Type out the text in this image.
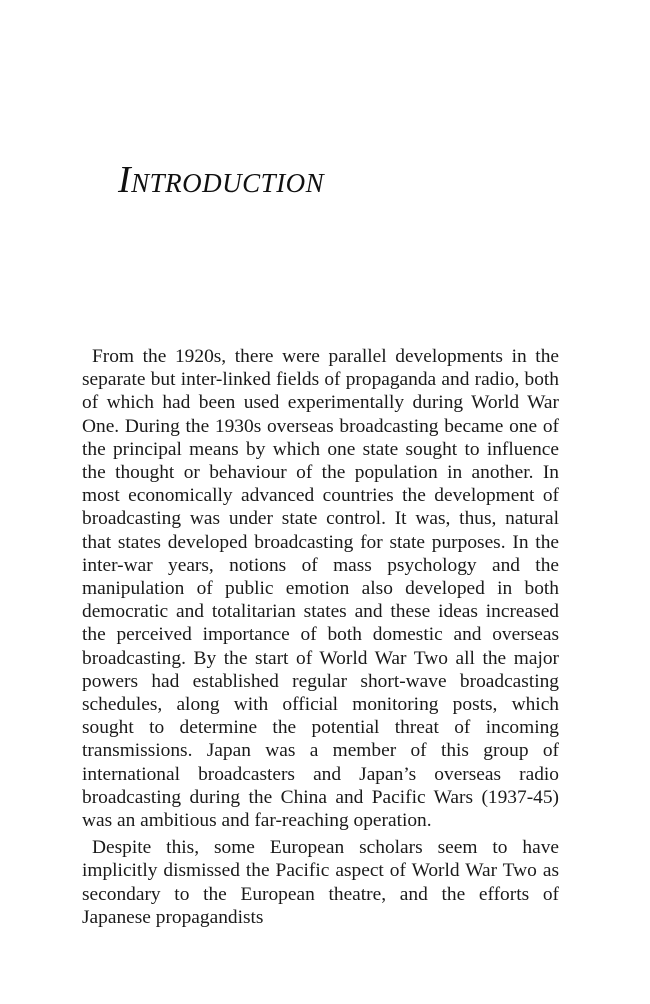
INTRODUCTION

From the 1920s, there were parallel developments in the separate but inter-linked fields of propaganda and radio, both of which had been used experimentally during World War One. During the 1930s overseas broadcasting became one of the principal means by which one state sought to influence the thought or behaviour of the population in another. In most economically advanced countries the development of broadcasting was under state control. It was, thus, natural that states developed broadcasting for state purposes. In the inter-war years, notions of mass psychology and the manipulation of public emotion also developed in both democratic and totalitarian states and these ideas increased the perceived importance of both domestic and overseas broadcasting. By the start of World War Two all the major powers had established regular short-wave broadcasting schedules, along with official monitoring posts, which sought to determine the potential threat of incoming transmissions. Japan was a member of this group of international broadcasters and Japan’s overseas radio broadcasting during the China and Pacific Wars (1937-45) was an ambitious and far-reaching operation.

Despite this, some European scholars seem to have implicitly dismissed the Pacific aspect of World War Two as secondary to the European theatre, and the efforts of Japanese propagandists
